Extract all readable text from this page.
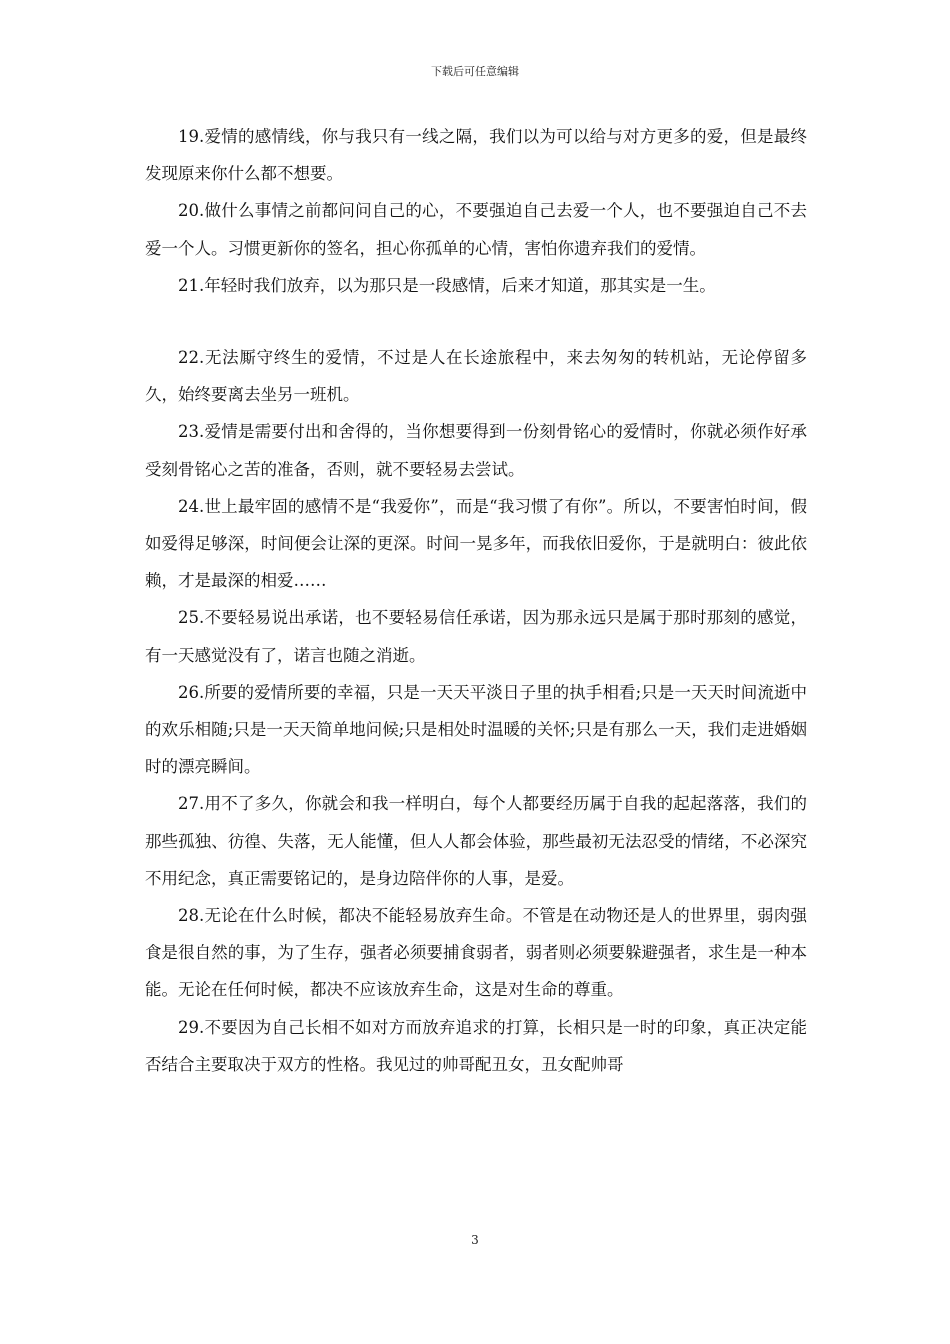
下载后可任意编辑

19.爱情的感情线，你与我只有一线之隔，我们以为可以给与对方更多的爱，但是最终发现原来你什么都不想要。

20.做什么事情之前都问问自己的心，不要强迫自己去爱一个人，也不要强迫自己不去爱一个人。习惯更新你的签名，担心你孤单的心情，害怕你遗弃我们的爱情。

21.年轻时我们放弃，以为那只是一段感情，后来才知道，那其实是一生。

22.无法厮守终生的爱情，不过是人在长途旅程中，来去匆匆的转机站，无论停留多久，始终要离去坐另一班机。

23.爱情是需要付出和舍得的，当你想要得到一份刻骨铭心的爱情时，你就必须作好承受刻骨铭心之苦的准备，否则，就不要轻易去尝试。

24.世上最牢固的感情不是“我爱你”，而是“我习惯了有你”。所以，不要害怕时间，假如爱得足够深，时间便会让深的更深。时间一晃多年，而我依旧爱你，于是就明白：彼此依赖，才是最深的相爱……

25.不要轻易说出承诺，也不要轻易信任承诺，因为那永远只是属于那时那刻的感觉，有一天感觉没有了，诺言也随之消逝。

26.所要的爱情所要的幸福，只是一天天平淡日子里的执手相看;只是一天天时间流逝中的欢乐相随;只是一天天简单地问候;只是相处时温暖的关怀;只是有那么一天，我们走进婚姻时的漂亮瞬间。

27.用不了多久，你就会和我一样明白，每个人都要经历属于自我的起起落落，我们的那些孤独、彷徨、失落，无人能懂，但人人都会体验，那些最初无法忍受的情绪，不必深究不用纪念，真正需要铭记的，是身边陪伴你的人事，是爱。

28.无论在什么时候，都决不能轻易放弃生命。不管是在动物还是人的世界里，弱肉强食是很自然的事，为了生存，强者必须要捕食弱者，弱者则必须要躲避强者，求生是一种本能。无论在任何时候，都决不应该放弃生命，这是对生命的尊重。

29.不要因为自己长相不如对方而放弃追求的打算，长相只是一时的印象，真正决定能否结合主要取决于双方的性格。我见过的帅哥配丑女，丑女配帅哥

3
